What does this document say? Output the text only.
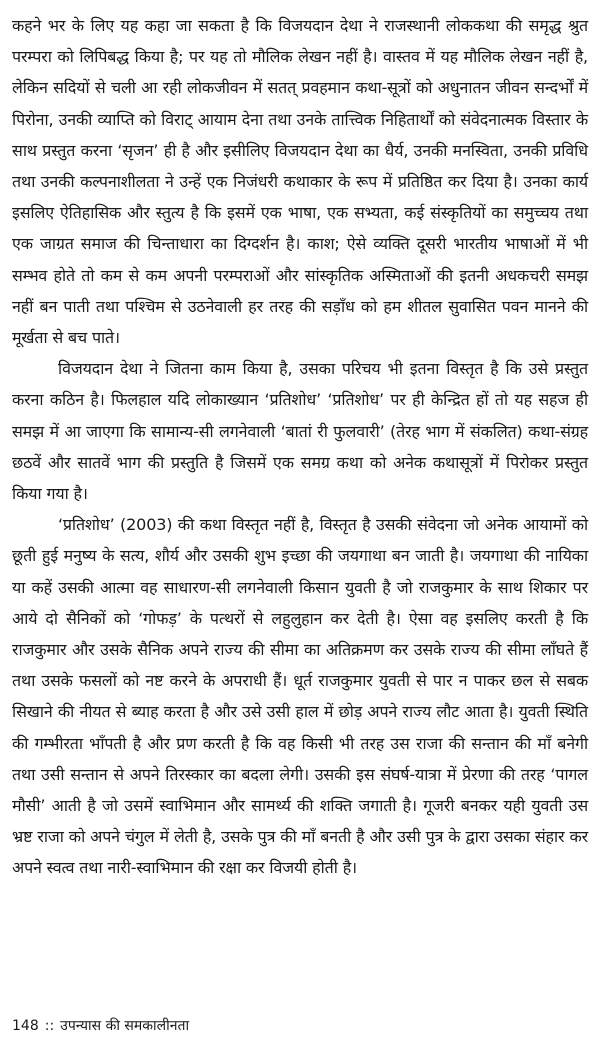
कहने भर के लिए यह कहा जा सकता है कि विजयदान देथा ने राजस्थानी लोककथा की समृद्ध श्रुत परम्परा को लिपिबद्ध किया है; पर यह तो मौलिक लेखन नहीं है। वास्तव में यह मौलिक लेखन नहीं है, लेकिन सदियों से चली आ रही लोकजीवन में सतत् प्रवहमान कथा-सूत्रों को अधुनातन जीवन सन्दर्भों में पिरोना, उनकी व्याप्ति को विराट् आयाम देना तथा उनके तात्त्विक निहितार्थों को संवेदनात्मक विस्तार के साथ प्रस्तुत करना ‘सृजन’ ही है और इसीलिए विजयदान देथा का धैर्य, उनकी मनस्विता, उनकी प्रविधि तथा उनकी कल्पनाशीलता ने उन्हें एक निजंधरी कथाकार के रूप में प्रतिष्ठित कर दिया है। उनका कार्य इसलिए ऐतिहासिक और स्तुत्य है कि इसमें एक भाषा, एक सभ्यता, कई संस्कृतियों का समुच्चय तथा एक जाग्रत समाज की चिन्ताधारा का दिग्दर्शन है। काश; ऐसे व्यक्ति दूसरी भारतीय भाषाओं में भी सम्भव होते तो कम से कम अपनी परम्पराओं और सांस्कृतिक अस्मिताओं की इतनी अधकचरी समझ नहीं बन पाती तथा पश्चिम से उठनेवाली हर तरह की सड़ाँध को हम शीतल सुवासित पवन मानने की मूर्खता से बच पाते।

विजयदान देथा ने जितना काम किया है, उसका परिचय भी इतना विस्तृत है कि उसे प्रस्तुत करना कठिन है। फिलहाल यदि लोकाख्यान ‘प्रतिशोध’ ‘प्रतिशोध’ पर ही केन्द्रित हों तो यह सहज ही समझ में आ जाएगा कि सामान्य-सी लगनेवाली ‘बातां री फुलवारी’ (तेरह भाग में संकलित) कथा-संग्रह छठवें और सातवें भाग की प्रस्तुति है जिसमें एक समग्र कथा को अनेक कथासूत्रों में पिरोकर प्रस्तुत किया गया है।

‘प्रतिशोध’ (2003) की कथा विस्तृत नहीं है, विस्तृत है उसकी संवेदना जो अनेक आयामों को छूती हुई मनुष्य के सत्य, शौर्य और उसकी शुभ इच्छा की जयगाथा बन जाती है। जयगाथा की नायिका या कहें उसकी आत्मा वह साधारण-सी लगनेवाली किसान युवती है जो राजकुमार के साथ शिकार पर आये दो सैनिकों को ‘गोफड़’ के पत्थरों से लहुलुहान कर देती है। ऐसा वह इसलिए करती है कि राजकुमार और उसके सैनिक अपने राज्य की सीमा का अतिक्रमण कर उसके राज्य की सीमा लाँघते हैं तथा उसके फसलों को नष्ट करने के अपराधी हैं। धूर्त राजकुमार युवती से पार न पाकर छल से सबक सिखाने की नीयत से ब्याह करता है और उसे उसी हाल में छोड़ अपने राज्य लौट आता है। युवती स्थिति की गम्भीरता भाँपती है और प्रण करती है कि वह किसी भी तरह उस राजा की सन्तान की माँ बनेगी तथा उसी सन्तान से अपने तिरस्कार का बदला लेगी। उसकी इस संघर्ष-यात्रा में प्रेरणा की तरह ‘पागल मौसी’ आती है जो उसमें स्वाभिमान और सामर्थ्य की शक्ति जगाती है। गूजरी बनकर यही युवती उस भ्रष्ट राजा को अपने चंगुल में लेती है, उसके पुत्र की माँ बनती है और उसी पुत्र के द्वारा उसका संहार कर अपने स्वत्व तथा नारी-स्वाभिमान की रक्षा कर विजयी होती है।

148 :: उपन्यास की समकालीनता
